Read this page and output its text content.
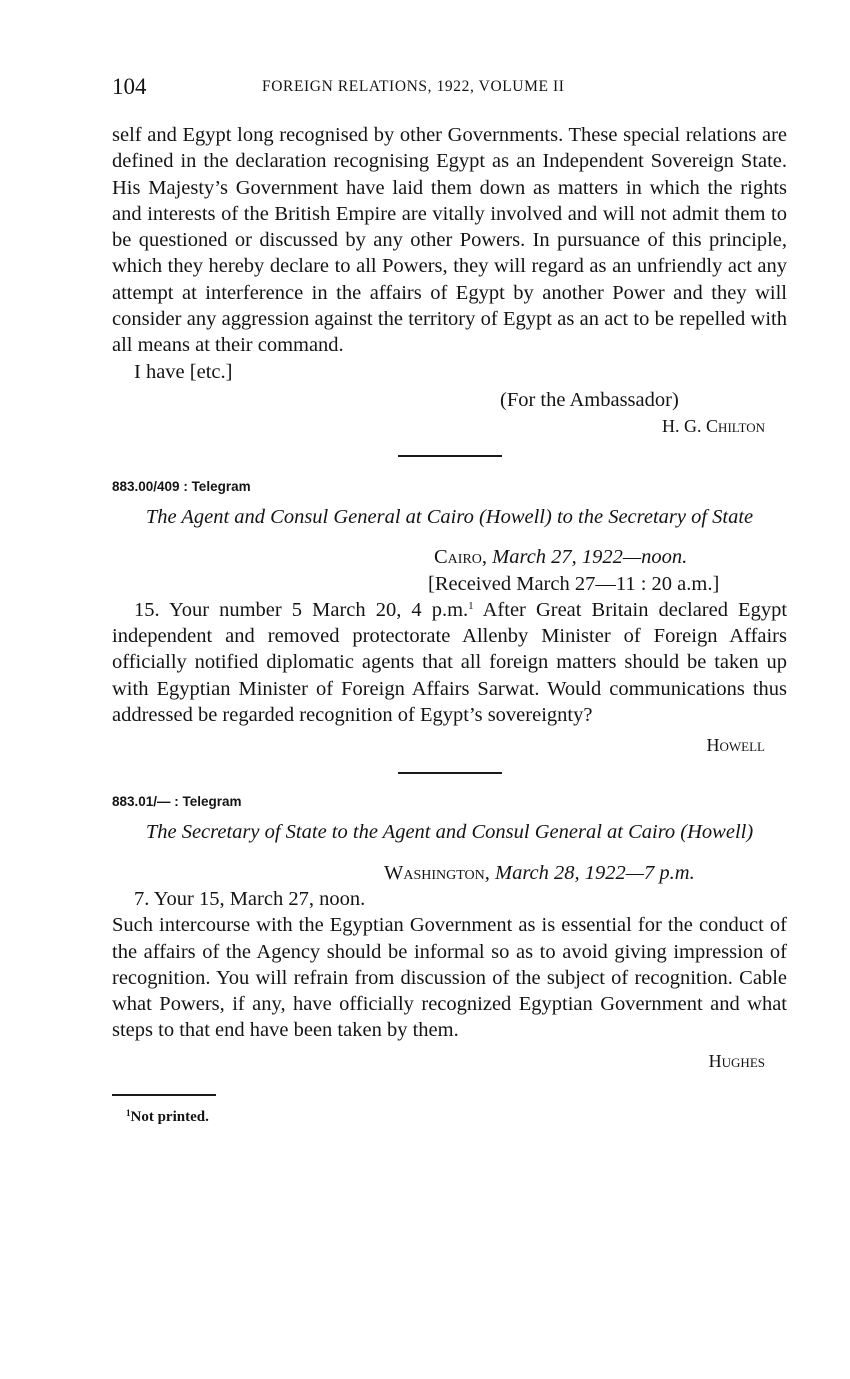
104	FOREIGN RELATIONS, 1922, VOLUME II

self and Egypt long recognised by other Governments. These special relations are defined in the declaration recognising Egypt as an Independent Sovereign State. His Majesty’s Government have laid them down as matters in which the rights and interests of the British Empire are vitally involved and will not admit them to be questioned or discussed by any other Powers. In pursuance of this principle, which they hereby declare to all Powers, they will regard as an unfriendly act any attempt at interference in the affairs of Egypt by another Power and they will consider any aggression against the territory of Egypt as an act to be repelled with all means at their command.

I have [etc.]

(For the Ambassador)
H. G. Chilton
883.00/409 : Telegram

The Agent and Consul General at Cairo (Howell) to the Secretary of State

Cairo, March 27, 1922—noon.
[Received March 27—11 : 20 a.m.]

15. Your number 5 March 20, 4 p.m.$^1$ After Great Britain declared Egypt independent and removed protectorate Allenby Minister of Foreign Affairs officially notified diplomatic agents that all foreign matters should be taken up with Egyptian Minister of Foreign Affairs Sarwat. Would communications thus addressed be regarded recognition of Egypt’s sovereignty?

Howell
883.01/— : Telegram

The Secretary of State to the Agent and Consul General at Cairo (Howell)

Washington, March 28, 1922—7 p.m.

7. Your 15, March 27, noon.

Such intercourse with the Egyptian Government as is essential for the conduct of the affairs of the Agency should be informal so as to avoid giving impression of recognition. You will refrain from discussion of the subject of recognition. Cable what Powers, if any, have officially recognized Egyptian Government and what steps to that end have been taken by them.

Hughes

$^1$Not printed.
